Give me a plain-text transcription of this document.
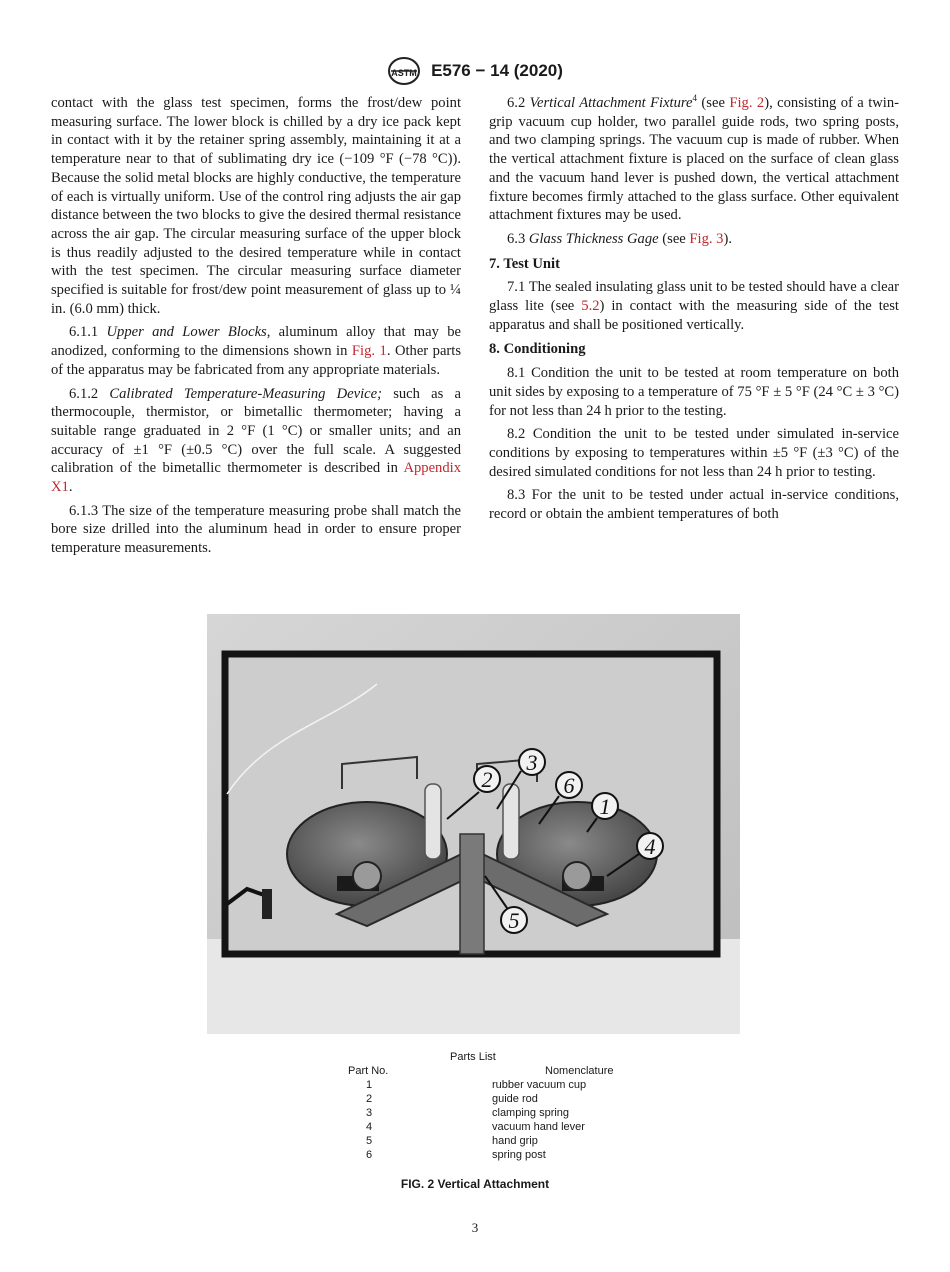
ASTM E576 − 14 (2020)

contact with the glass test specimen, forms the frost/dew point measuring surface. The lower block is chilled by a dry ice pack kept in contact with it by the retainer spring assembly, maintaining it at a temperature near to that of sublimating dry ice (−109 °F (−78 °C)). Because the solid metal blocks are highly conductive, the temperature of each is virtually uniform. Use of the control ring adjusts the air gap distance between the two blocks to give the desired thermal resistance across the air gap. The circular measuring surface of the upper block is thus readily adjusted to the desired temperature while in contact with the test specimen. The circular measuring surface diameter specified is suitable for frost/dew point measurement of glass up to ¼ in. (6.0 mm) thick.

6.1.1 Upper and Lower Blocks, aluminum alloy that may be anodized, conforming to the dimensions shown in Fig. 1. Other parts of the apparatus may be fabricated from any appropriate materials.

6.1.2 Calibrated Temperature-Measuring Device; such as a thermocouple, thermistor, or bimetallic thermometer; having a suitable range graduated in 2 °F (1 °C) or smaller units; and an accuracy of ±1 °F (±0.5 °C) over the full scale. A suggested calibration of the bimetallic thermometer is described in Appendix X1.

6.1.3 The size of the temperature measuring probe shall match the bore size drilled into the aluminum head in order to ensure proper temperature measurements.

6.2 Vertical Attachment Fixture$^4$ (see Fig. 2), consisting of a twin-grip vacuum cup holder, two parallel guide rods, two spring posts, and two clamping springs. The vacuum cup is made of rubber. When the vertical attachment fixture is placed on the surface of clean glass and the vacuum hand lever is pushed down, the vertical attachment fixture becomes firmly attached to the glass surface. Other equivalent attachment fixtures may be used.

6.3 Glass Thickness Gage (see Fig. 3).

7. Test Unit

7.1 The sealed insulating glass unit to be tested should have a clear glass lite (see 5.2) in contact with the measuring side of the test apparatus and shall be positioned vertically.

8. Conditioning

8.1 Condition the unit to be tested at room temperature on both unit sides by exposing to a temperature of 75 °F ± 5 °F (24 °C ± 3 °C) for not less than 24 h prior to the testing.

8.2 Condition the unit to be tested under simulated in-service conditions by exposing to temperatures within ±5 °F (±3 °C) of the desired simulated conditions for not less than 24 h prior to testing.

8.3 For the unit to be tested under actual in-service conditions, record or obtain the ambient temperatures of both

2
3
6
1
4
5
Parts List
Part No.	Nomenclature
1	rubber vacuum cup
2	guide rod
3	clamping spring
4	vacuum hand lever
5	hand grip
6	spring post
FIG. 2 Vertical Attachment
3
